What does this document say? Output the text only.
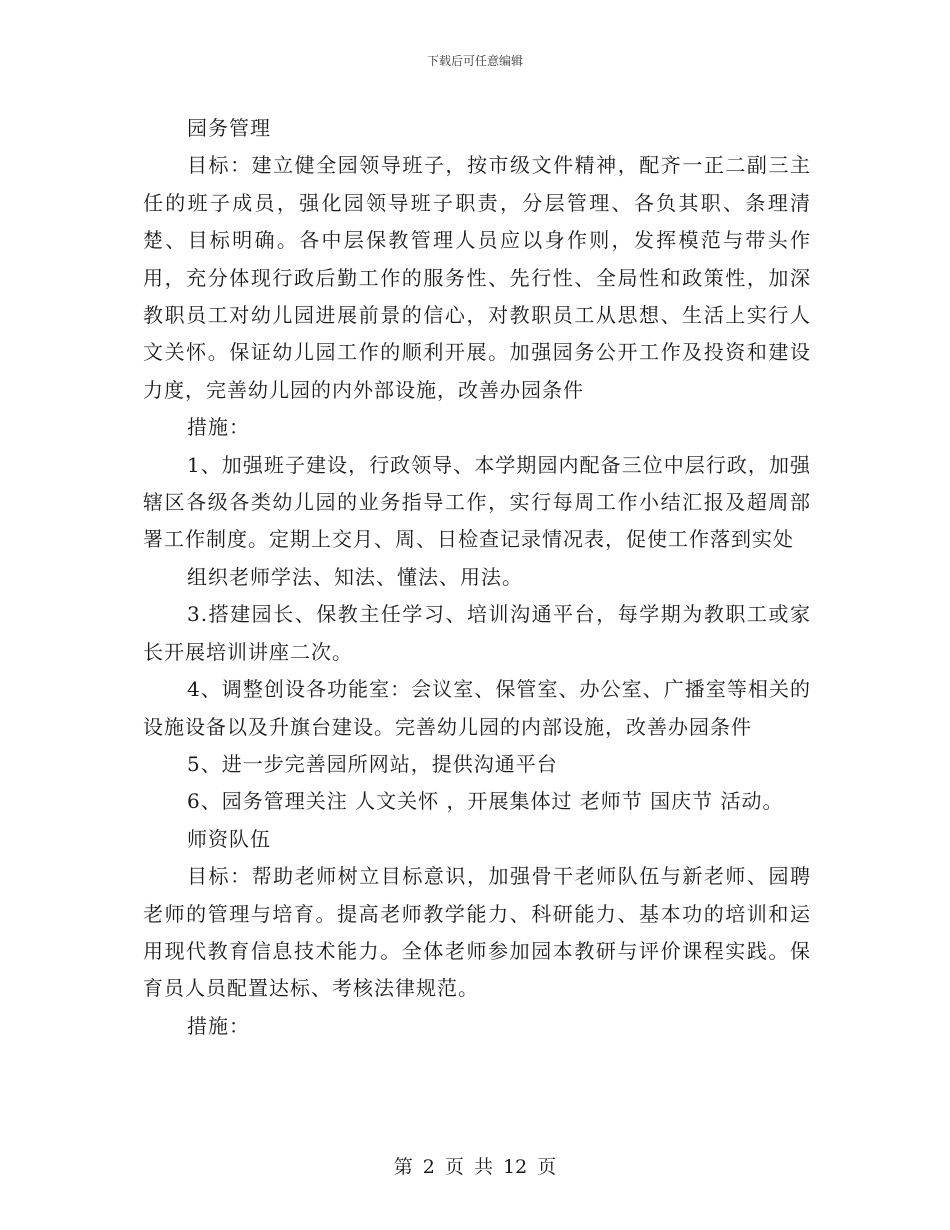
下载后可任意编辑

园务管理

目标：建立健全园领导班子，按市级文件精神，配齐一正二副三主任的班子成员，强化园领导班子职责，分层管理、各负其职、条理清楚、目标明确。各中层保教管理人员应以身作则，发挥模范与带头作用，充分体现行政后勤工作的服务性、先行性、全局性和政策性，加深教职员工对幼儿园进展前景的信心，对教职员工从思想、生活上实行人文关怀。保证幼儿园工作的顺利开展。加强园务公开工作及投资和建设力度，完善幼儿园的内外部设施，改善办园条件

措施：

1、加强班子建设，行政领导、本学期园内配备三位中层行政，加强辖区各级各类幼儿园的业务指导工作，实行每周工作小结汇报及超周部署工作制度。定期上交月、周、日检查记录情况表，促使工作落到实处

组织老师学法、知法、懂法、用法。

3.搭建园长、保教主任学习、培训沟通平台，每学期为教职工或家长开展培训讲座二次。

4、调整创设各功能室：会议室、保管室、办公室、广播室等相关的设施设备以及升旗台建设。完善幼儿园的内部设施，改善办园条件

5、进一步完善园所网站，提供沟通平台

6、园务管理关注 人文关怀 ，开展集体过 老师节 国庆节 活动。

师资队伍

目标：帮助老师树立目标意识，加强骨干老师队伍与新老师、园聘老师的管理与培育。提高老师教学能力、科研能力、基本功的培训和运用现代教育信息技术能力。全体老师参加园本教研与评价课程实践。保育员人员配置达标、考核法律规范。

措施：

第 2 页 共 12 页
